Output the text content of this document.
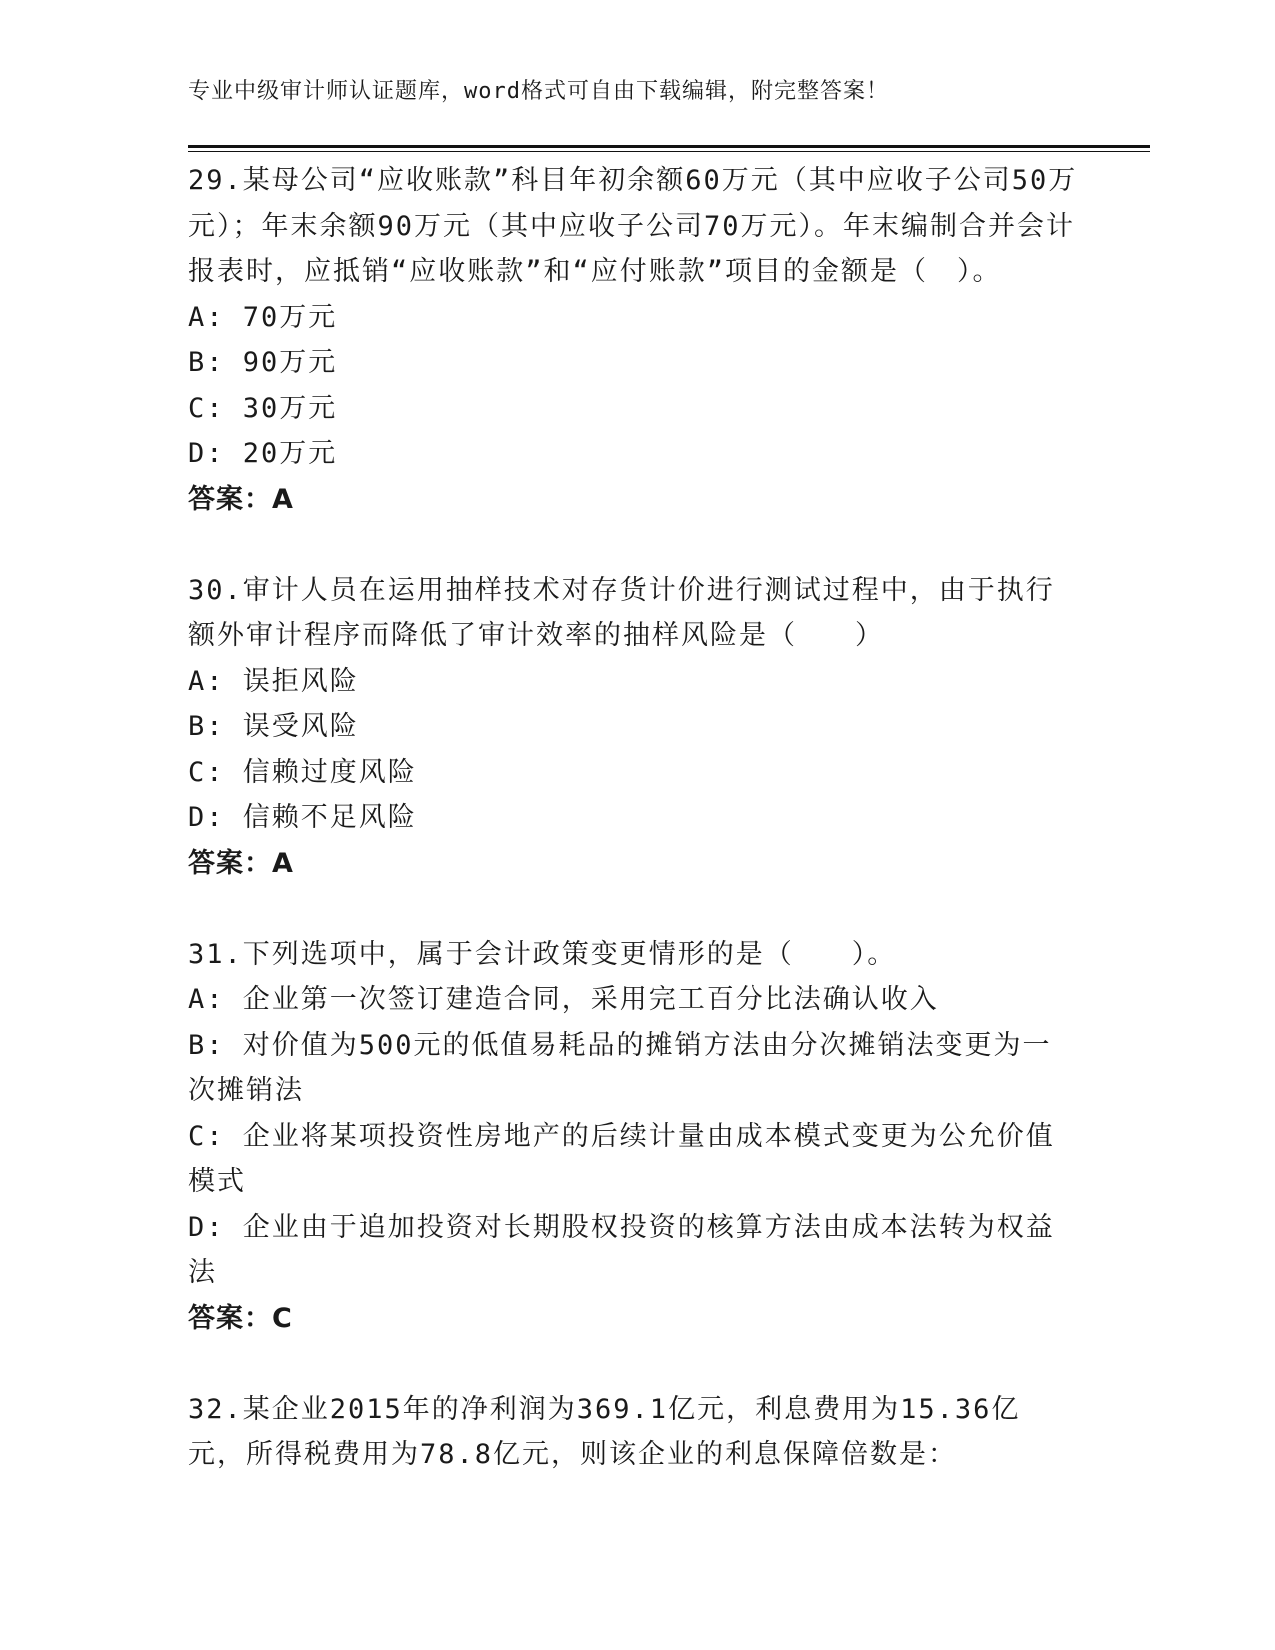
专业中级审计师认证题库，word格式可自由下载编辑，附完整答案！

29.某母公司“应收账款”科目年初余额60万元（其中应收子公司50万元）；年末余额90万元（其中应收子公司70万元）。年末编制合并会计报表时，应抵销“应收账款”和“应付账款”项目的金额是（　）。

A: 70万元

B: 90万元

C: 30万元

D: 20万元

答案：A

30.审计人员在运用抽样技术对存货计价进行测试过程中，由于执行额外审计程序而降低了审计效率的抽样风险是（　　）

A: 误拒风险

B: 误受风险

C: 信赖过度风险

D: 信赖不足风险

答案：A

31.下列选项中，属于会计政策变更情形的是（　　）。

A: 企业第一次签订建造合同，采用完工百分比法确认收入

B: 对价值为500元的低值易耗品的摊销方法由分次摊销法变更为一次摊销法

C: 企业将某项投资性房地产的后续计量由成本模式变更为公允价值模式

D: 企业由于追加投资对长期股权投资的核算方法由成本法转为权益法

答案：C

32.某企业2015年的净利润为369.1亿元，利息费用为15.36亿元，所得税费用为78.8亿元，则该企业的利息保障倍数是：
